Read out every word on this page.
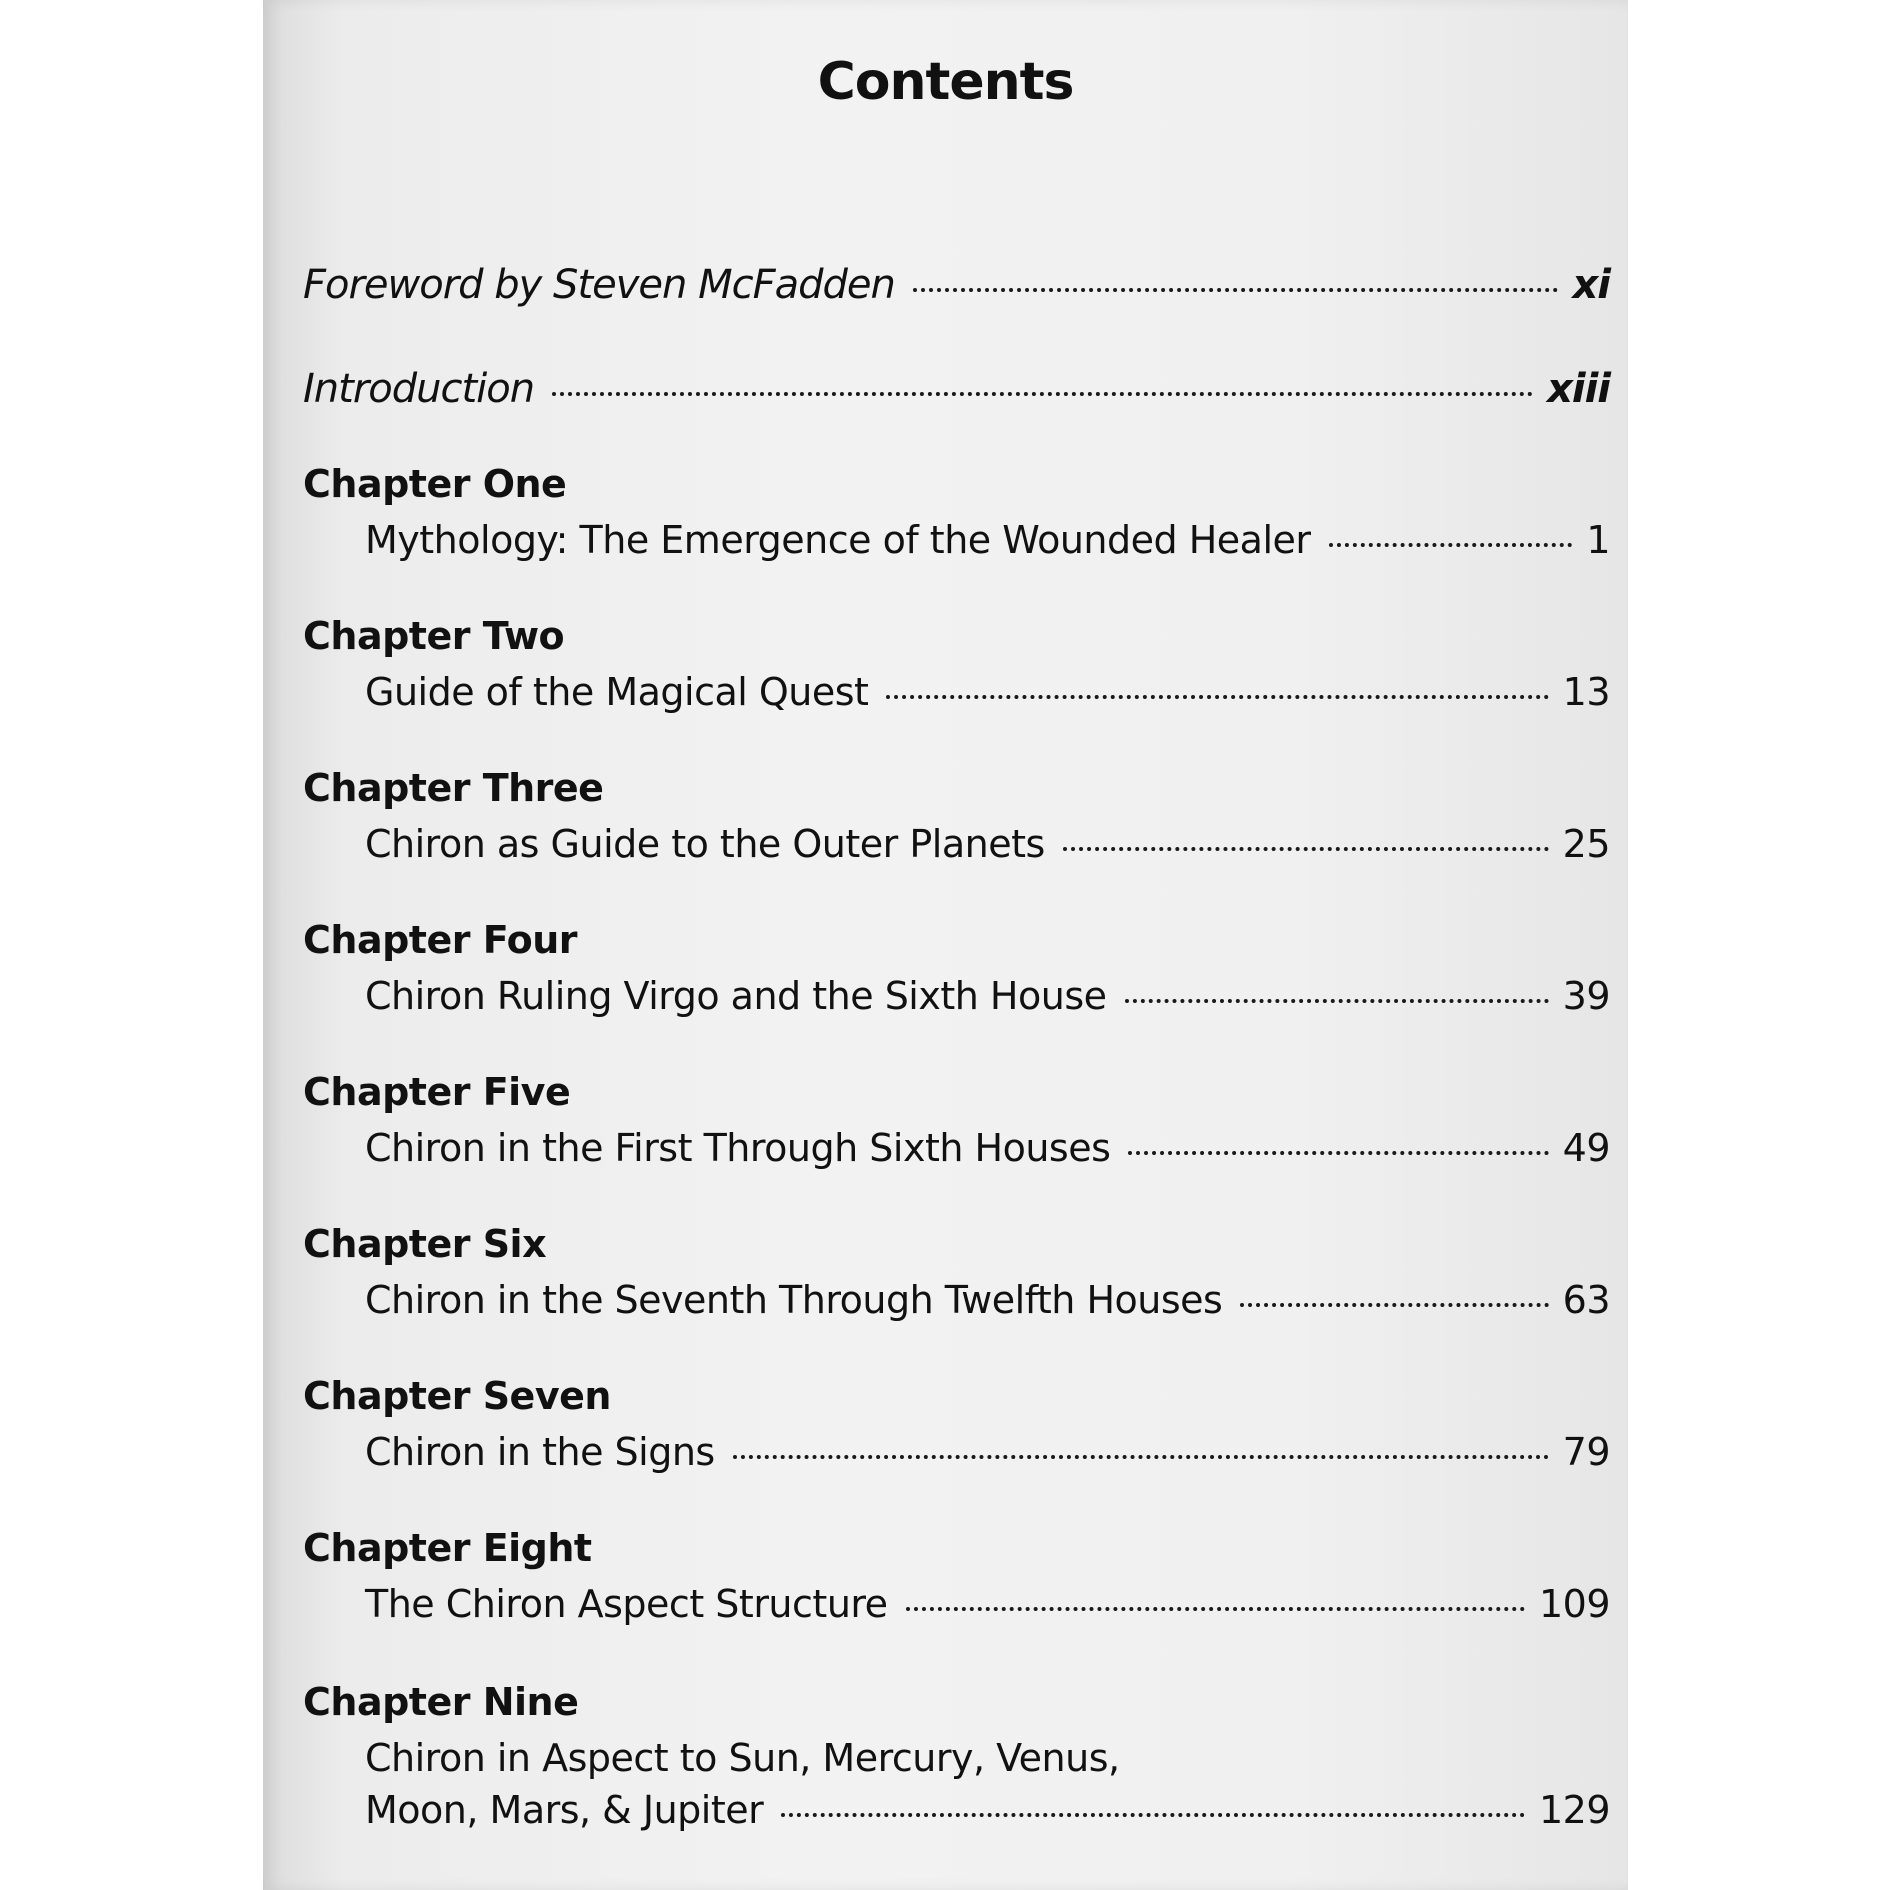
Contents
Foreword by Steven McFadden	xi
Introduction	xiii
Chapter One
Mythology: The Emergence of the Wounded Healer	1
Chapter Two
Guide of the Magical Quest	13
Chapter Three
Chiron as Guide to the Outer Planets	25
Chapter Four
Chiron Ruling Virgo and the Sixth House	39
Chapter Five
Chiron in the First Through Sixth Houses	49
Chapter Six
Chiron in the Seventh Through Twelfth Houses	63
Chapter Seven
Chiron in the Signs	79
Chapter Eight
The Chiron Aspect Structure	109
Chapter Nine
Chiron in Aspect to Sun, Mercury, Venus,
Moon, Mars, & Jupiter	129
